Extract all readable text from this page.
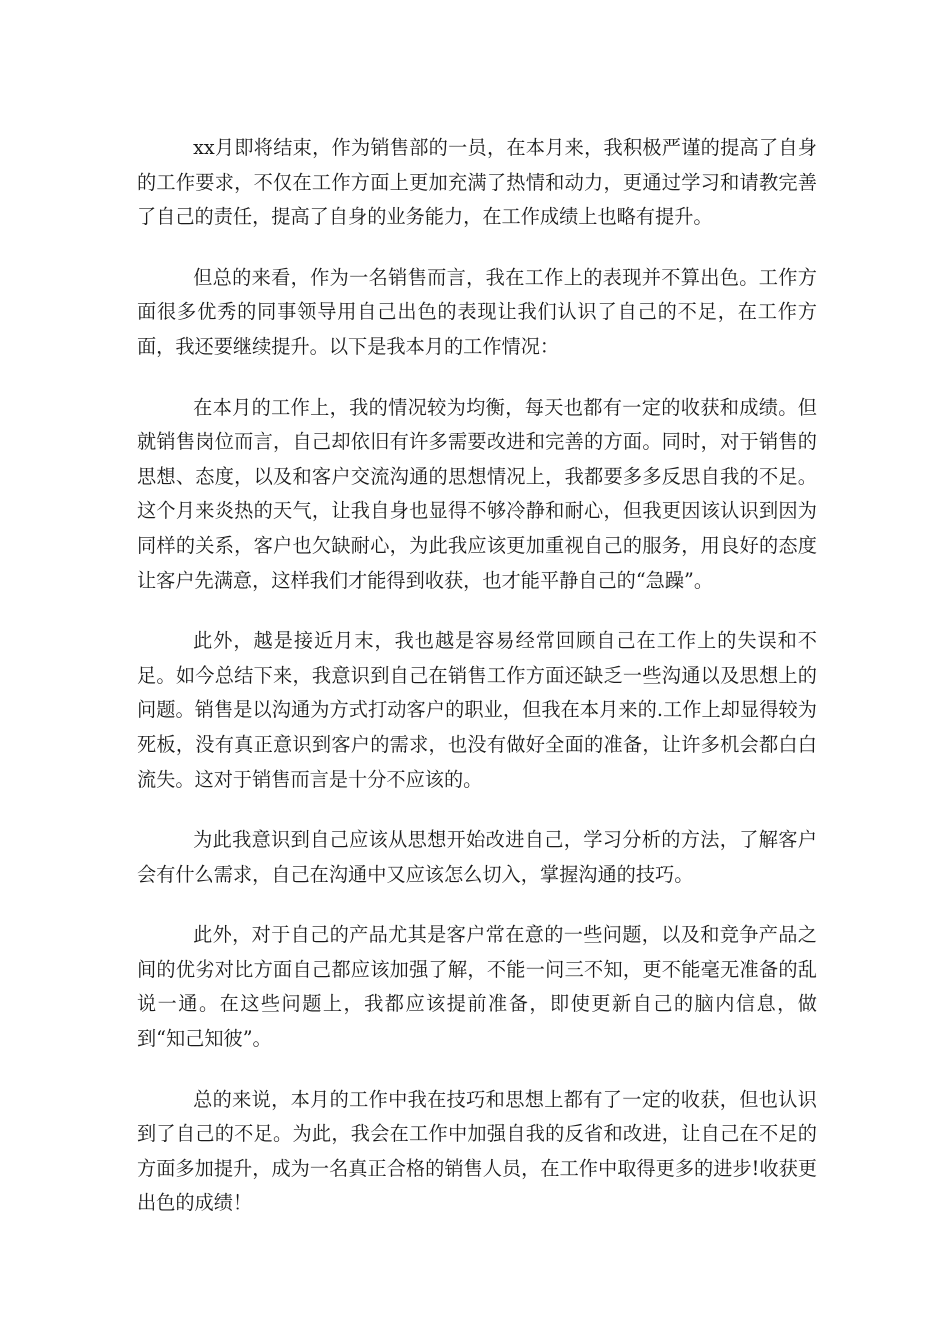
xx月即将结束，作为销售部的一员，在本月来，我积极严谨的提高了自身的工作要求，不仅在工作方面上更加充满了热情和动力，更通过学习和请教完善了自己的责任，提高了自身的业务能力，在工作成绩上也略有提升。

但总的来看，作为一名销售而言，我在工作上的表现并不算出色。工作方面很多优秀的同事领导用自己出色的表现让我们认识了自己的不足，在工作方面，我还要继续提升。以下是我本月的工作情况：

在本月的工作上，我的情况较为均衡，每天也都有一定的收获和成绩。但就销售岗位而言，自己却依旧有许多需要改进和完善的方面。同时，对于销售的思想、态度，以及和客户交流沟通的思想情况上，我都要多多反思自我的不足。这个月来炎热的天气，让我自身也显得不够冷静和耐心，但我更因该认识到因为同样的关系，客户也欠缺耐心，为此我应该更加重视自己的服务，用良好的态度让客户先满意，这样我们才能得到收获，也才能平静自己的“急躁”。

此外，越是接近月末，我也越是容易经常回顾自己在工作上的失误和不足。如今总结下来，我意识到自己在销售工作方面还缺乏一些沟通以及思想上的问题。销售是以沟通为方式打动客户的职业，但我在本月来的.工作上却显得较为死板，没有真正意识到客户的需求，也没有做好全面的准备，让许多机会都白白流失。这对于销售而言是十分不应该的。

为此我意识到自己应该从思想开始改进自己，学习分析的方法，了解客户会有什么需求，自己在沟通中又应该怎么切入，掌握沟通的技巧。

此外，对于自己的产品尤其是客户常在意的一些问题，以及和竞争产品之间的优劣对比方面自己都应该加强了解，不能一问三不知，更不能毫无准备的乱说一通。在这些问题上，我都应该提前准备，即使更新自己的脑内信息，做到“知己知彼”。

总的来说，本月的工作中我在技巧和思想上都有了一定的收获，但也认识到了自己的不足。为此，我会在工作中加强自我的反省和改进，让自己在不足的方面多加提升，成为一名真正合格的销售人员，在工作中取得更多的进步!收获更出色的成绩！
